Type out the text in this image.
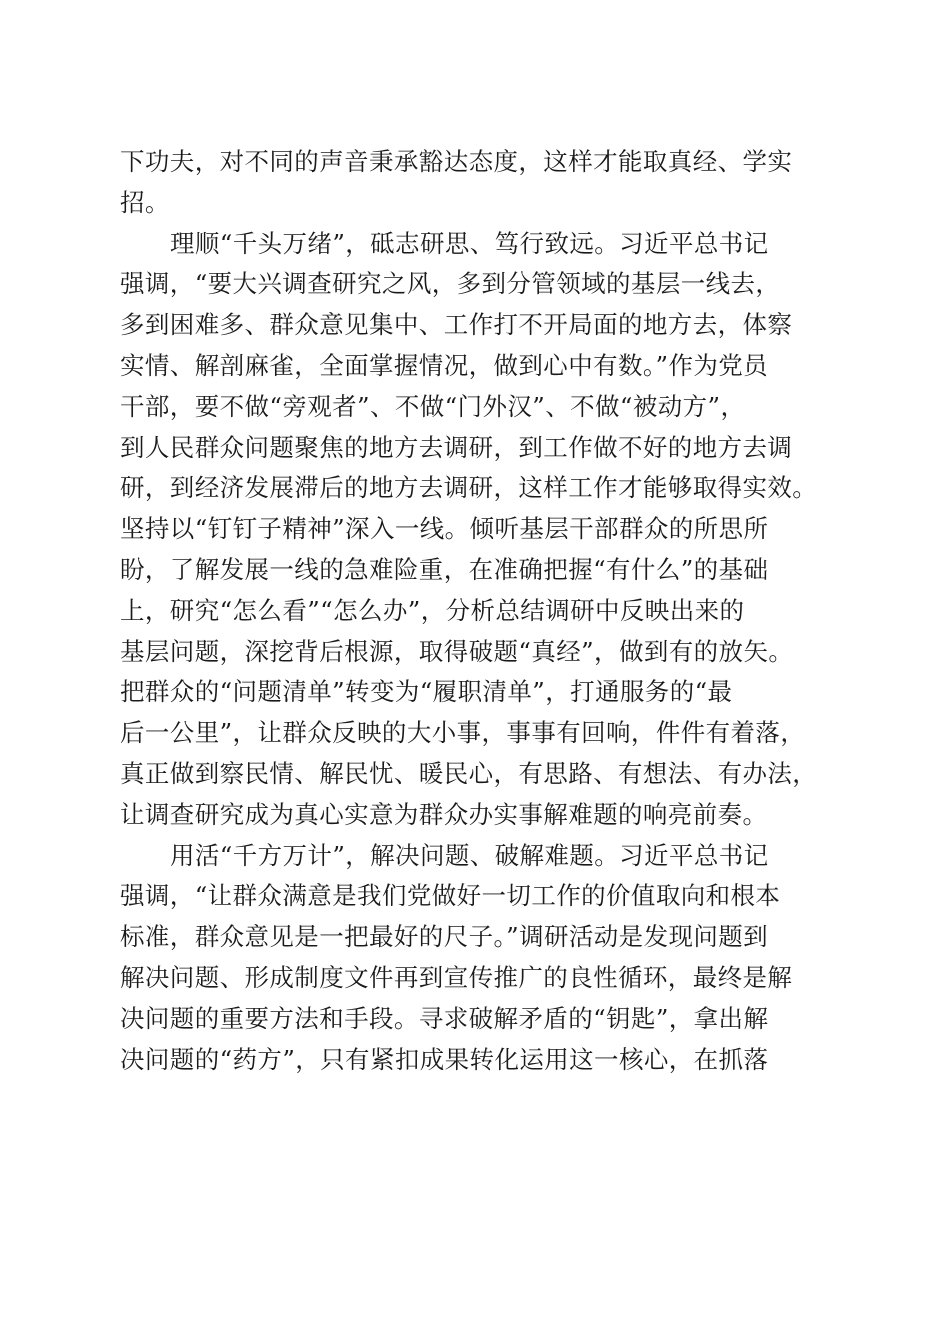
下功夫，对不同的声音秉承豁达态度，这样才能取真经、学实
招。
理顺“千头万绪”，砥志研思、笃行致远。习近平总书记
强调，“要大兴调查研究之风，多到分管领域的基层一线去，
多到困难多、群众意见集中、工作打不开局面的地方去，体察
实情、解剖麻雀，全面掌握情况，做到心中有数。”作为党员
干部，要不做“旁观者”、不做“门外汉”、不做“被动方”，
到人民群众问题聚焦的地方去调研，到工作做不好的地方去调
研，到经济发展滞后的地方去调研，这样工作才能够取得实效。
坚持以“钉钉子精神”深入一线。倾听基层干部群众的所思所
盼，了解发展一线的急难险重，在准确把握“有什么”的基础
上，研究“怎么看”“怎么办”，分析总结调研中反映出来的
基层问题，深挖背后根源，取得破题“真经”，做到有的放矢。
把群众的“问题清单”转变为“履职清单”，打通服务的“最
后一公里”，让群众反映的大小事，事事有回响，件件有着落，
真正做到察民情、解民忧、暖民心，有思路、有想法、有办法，
让调查研究成为真心实意为群众办实事解难题的响亮前奏。
用活“千方万计”，解决问题、破解难题。习近平总书记
强调，“让群众满意是我们党做好一切工作的价值取向和根本
标准，群众意见是一把最好的尺子。”调研活动是发现问题到
解决问题、形成制度文件再到宣传推广的良性循环，最终是解
决问题的重要方法和手段。寻求破解矛盾的“钥匙”，拿出解
决问题的“药方”，只有紧扣成果转化运用这一核心，在抓落
